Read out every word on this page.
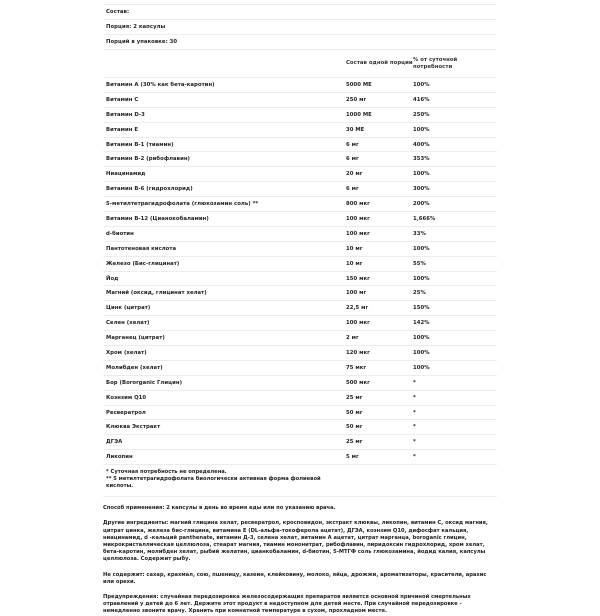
Состав:
Порция: 2 капсулы
Порций в упаковке: 30
Состав одной порции
% от суточной потребности
Витамин А (30% как бета-каротин)	5000 МЕ	100%
Витамин С	250 мг	416%
Витамин D-3	1000 МЕ	250%
Витамин Е	30 МЕ	100%
Витамин В-1 (тиамин)	6 мг	400%
Витамин В-2 (рибофлавин)	6 мг	353%
Ниацинамид	20 мг	100%
Витамин В-6 (гидрохлорид)	6 мг	300%
5-метилтетрагидрофолата (глюкозамин соль) **	800 мкг	200%
Витамин В-12 (Цианокобаламин)	100 мкг	1,666%
d-биотин	100 мкг	33%
Пантотеновая кислота	10 мг	100%
Железо (Бис-глицинат)	10 мг	55%
Йод	150 мкг	100%
Магний (оксид, глицинат хелат)	100 мг	25%
Цинк (цитрат)	22,5 мг	150%
Селен (хелат)	100 мкг	142%
Марганец (цитрат)	2 мг	100%
Хром (хелат)	120 мкг	100%
Молибден (хелат)	75 мкг	100%
Бор (Bororganic Глицин)	500 мкг	*
Коэнзим Q10	25 мг	*
Ресвератрол	50 мг	*
Клюква Экстракт	50 мг	*
ДГЭА	25 мг	*
Ликопин	5 мг	*
* Суточная потребность не определена.
** 5 метилтетрагидрофолата биологически активная форма фолиевой кислоты.

Способ применения: 2 капсулы в день во время еды или по указанию врача.

Другие ингредиенты: магний глицина хелат, ресвератрол, кросповидон, экстракт клюквы, ликопин, витамин С, оксид магния, цитрат цинка, железа бис-глицина, витамина Е (DL-альфа-токоферола ацетат), ДГЭА, коэнзим Q10, дифосфат кальция, ниацинамид, d -кальций panthenate, витамин Д-3, селена хелат, витамин А ацетат, цитрат марганца, boroganic глицин, микрокристаллическая целлюлоза, стеарат магния, тиамин мононитрат, рибофлавин, пиридоксин гидрохлорид, хром хелат, бета-каротин, молибден хелат, рыбий желатин, цианкобаламин, d-биотин, 5-МТГФ соль глюкозамина, йодид калия, капсулы целлюлоза. Содержит рыбу.

Не содержит: сахар, крахмал, сою, пшеницу, казеин, клейковину, молоко, яйца, дрожжи, ароматизаторы, красители, арахис или орехи.

Предупреждения: случайная передозировка железосодержащих препаратов является основной причиной смертельных отравлений у детей до 6 лет. Держите этот продукт в недоступном для детей месте. При случайной передозировке - немедленно звоните врачу. Хранить при комнатной температуре в сухом, прохладном месте.
